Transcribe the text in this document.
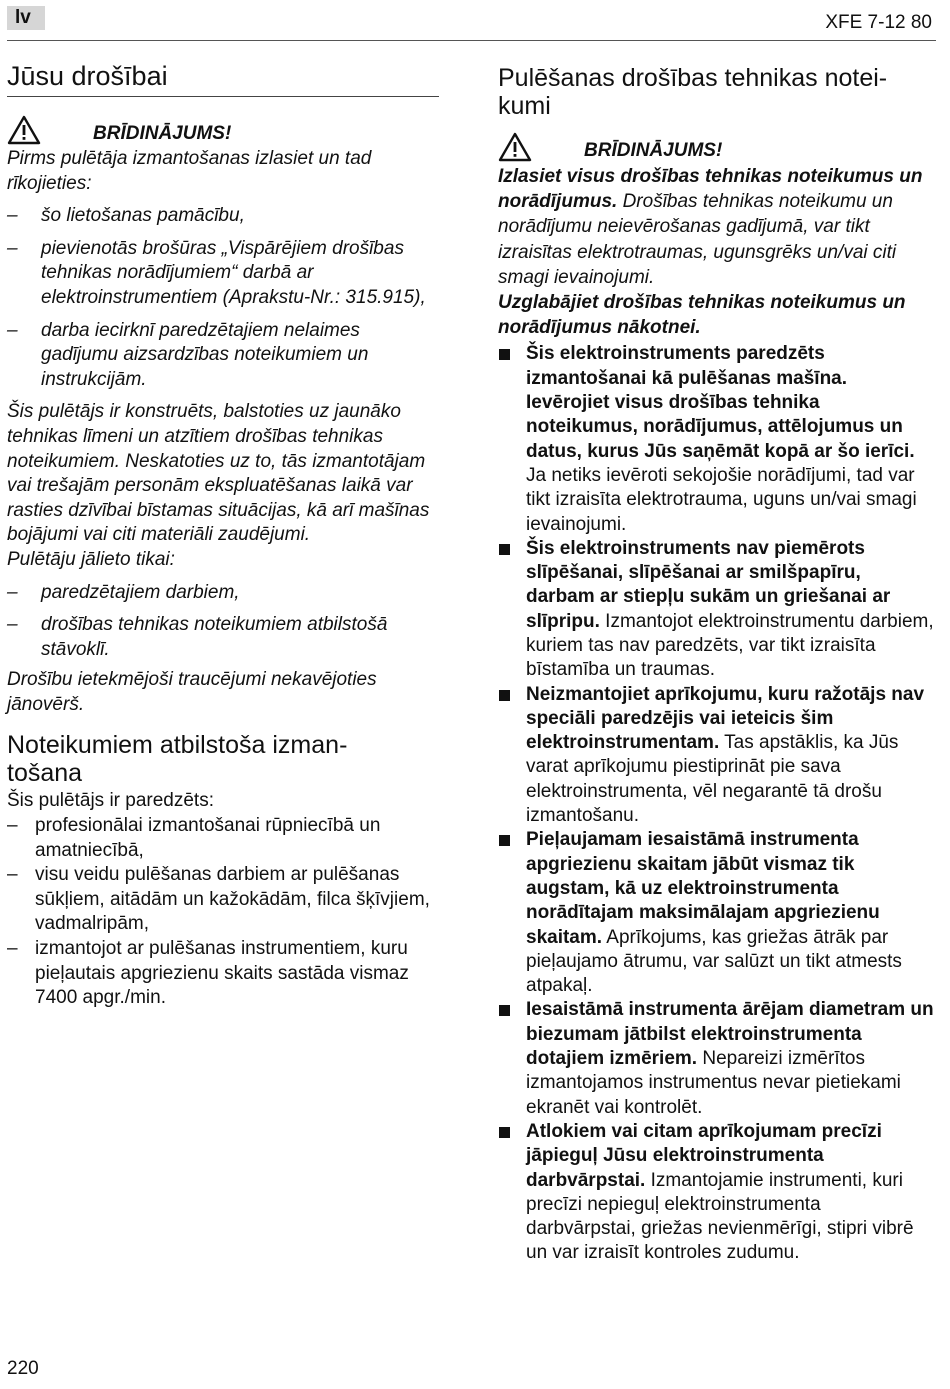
lv	XFE 7-12 80
Jūsu drošībai
BRĪDINĀJUMS!

Pirms pulētāja izmantošanas izlasiet un tad rīkojieties:

– šo lietošanas pamācību,
– pievienotās brošūras „Vispārējiem drošības tehnikas norādījumiem“ darbā ar elektroinstrumentiem (Aprakstu-Nr.: 315.915),
– darba iecirknī paredzētajiem nelaimes gadījumu aizsardzības noteikumiem un instrukcijām.

Šis pulētājs ir konstruēts, balstoties uz jaunāko tehnikas līmeni un atzītiem drošības tehnikas noteikumiem. Neskatoties uz to, tās izmantotājam vai trešajām personām ekspluatēšanas laikā var rasties dzīvībai bīstamas situācijas, kā arī mašīnas bojājumi vai citi materiāli zaudējumi.

Pulētāju jālieto tikai:

– paredzētajiem darbiem,
– drošības tehnikas noteikumiem atbilstošā stāvoklī.

Drošību ietekmējoši traucējumi nekavējoties jānovērš.

Noteikumiem atbilstoša izman-
tošana

Šis pulētājs ir paredzēts:

– profesionālai izmantošanai rūpniecībā un amatniecībā,
– visu veidu pulēšanas darbiem ar pulēšanas sūkļiem, aitādām un kažokādām, filca šķīvjiem, vadmalripām,
– izmantojot ar pulēšanas instrumentiem, kuru pieļautais apgriezienu skaits sastāda vismaz 7400 apgr./min.
Pulēšanas drošības tehnikas notei-
kumi
BRĪDINĀJUMS!

Izlasiet visus drošības tehnikas noteikumus un norādījumus. Drošības tehnikas noteikumu un norādījumu neievērošanas gadījumā, var tikt izraisītas elektrotraumas, ugunsgrēks un/vai citi smagi ievainojumi.

Uzglabājiet drošības tehnikas noteikumus un norādījumus nākotnei.

Šis elektroinstruments paredzēts izmantošanai kā pulēšanas mašīna. Ievērojiet visus drošības tehnika noteikumus, norādījumus, attēlojumus un datus, kurus Jūs saņēmāt kopā ar šo ierīci. Ja netiks ievēroti sekojošie norādījumi, tad var tikt izraisīta elektrotrauma, uguns un/vai smagi ievainojumi.
Šis elektroinstruments nav piemērots slīpēšanai, slīpēšanai ar smilšpapīru, darbam ar stiepļu sukām un griešanai ar slīpripu. Izmantojot elektroinstrumentu darbiem, kuriem tas nav paredzēts, var tikt izraisīta bīstamība un traumas.
Neizmantojiet aprīkojumu, kuru ražotājs nav speciāli paredzējis vai ieteicis šim elektroinstrumentam. Tas apstāklis, ka Jūs varat aprīkojumu piestiprināt pie sava elektroinstrumenta, vēl negarantē tā drošu izmantošanu.
Pieļaujamam iesaistāmā instrumenta apgriezienu skaitam jābūt vismaz tik augstam, kā uz elektroinstrumenta norādītajam maksimālajam apgriezienu skaitam. Aprīkojums, kas griežas ātrāk par pieļaujamo ātrumu, var salūzt un tikt atmests atpakaļ.
Iesaistāmā instrumenta ārējam diametram un biezumam jātbilst elektroinstrumenta dotajiem izmēriem. Nepareizi izmērītos izmantojamos instrumentus nevar pietiekami ekranēt vai kontrolēt.
Atlokiem vai citam aprīkojumam precīzi jāpieguļ Jūsu elektroinstrumenta darbvārpstai. Izmantojamie instrumenti, kuri precīzi nepieguļ elektroinstrumenta darbvārpstai, griežas nevienmērīgi, stipri vibrē un var izraisīt kontroles zudumu.
220
